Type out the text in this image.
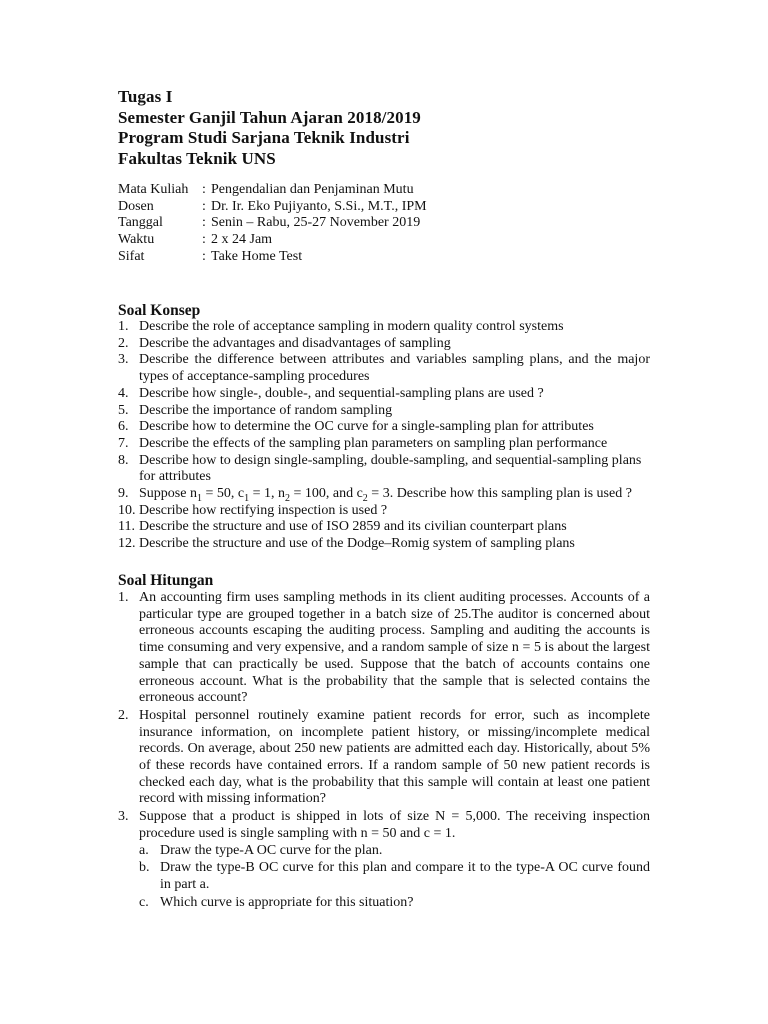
Tugas I
Semester Ganjil Tahun Ajaran 2018/2019
Program Studi Sarjana Teknik Industri
Fakultas Teknik UNS
Mata Kuliah : Pengendalian dan Penjaminan Mutu
Dosen	: Dr. Ir. Eko Pujiyanto, S.Si., M.T., IPM
Tanggal	: Senin – Rabu, 25-27 November 2019
Waktu	: 2 x 24 Jam
Sifat	: Take Home Test
Soal Konsep
1. Describe the role of acceptance sampling in modern quality control systems
2. Describe the advantages and disadvantages of sampling
3. Describe the difference between attributes and variables sampling plans, and the major types of acceptance-sampling procedures
4. Describe how single-, double-, and sequential-sampling plans are used ?
5. Describe the importance of random sampling
6. Describe how to determine the OC curve for a single-sampling plan for attributes
7. Describe the effects of the sampling plan parameters on sampling plan performance
8. Describe how to design single-sampling, double-sampling, and sequential-sampling plans for attributes
9. Suppose $n_1 = 50$, $c_1 = 1$, $n_2 = 100$, and $c_2 = 3$. Describe how this sampling plan is used ?
10. Describe how rectifying inspection is used ?
11. Describe the structure and use of ISO 2859 and its civilian counterpart plans
12. Describe the structure and use of the Dodge–Romig system of sampling plans
Soal Hitungan
1. An accounting firm uses sampling methods in its client auditing processes. Accounts of a particular type are grouped together in a batch size of 25.The auditor is concerned about erroneous accounts escaping the auditing process. Sampling and auditing the accounts is time consuming and very expensive, and a random sample of size n = 5 is about the largest sample that can practically be used. Suppose that the batch of accounts contains one erroneous account. What is the probability that the sample that is selected contains the erroneous account?
2. Hospital personnel routinely examine patient records for error, such as incomplete insurance information, on incomplete patient history, or missing/incomplete medical records. On average, about 250 new patients are admitted each day. Historically, about 5% of these records have contained errors. If a random sample of 50 new patient records is checked each day, what is the probability that this sample will contain at least one patient record with missing information?
3. Suppose that a product is shipped in lots of size N = 5,000. The receiving inspection procedure used is single sampling with n = 50 and c = 1.
a. Draw the type-A OC curve for the plan.
b. Draw the type-B OC curve for this plan and compare it to the type-A OC curve found in part a.
c. Which curve is appropriate for this situation?
